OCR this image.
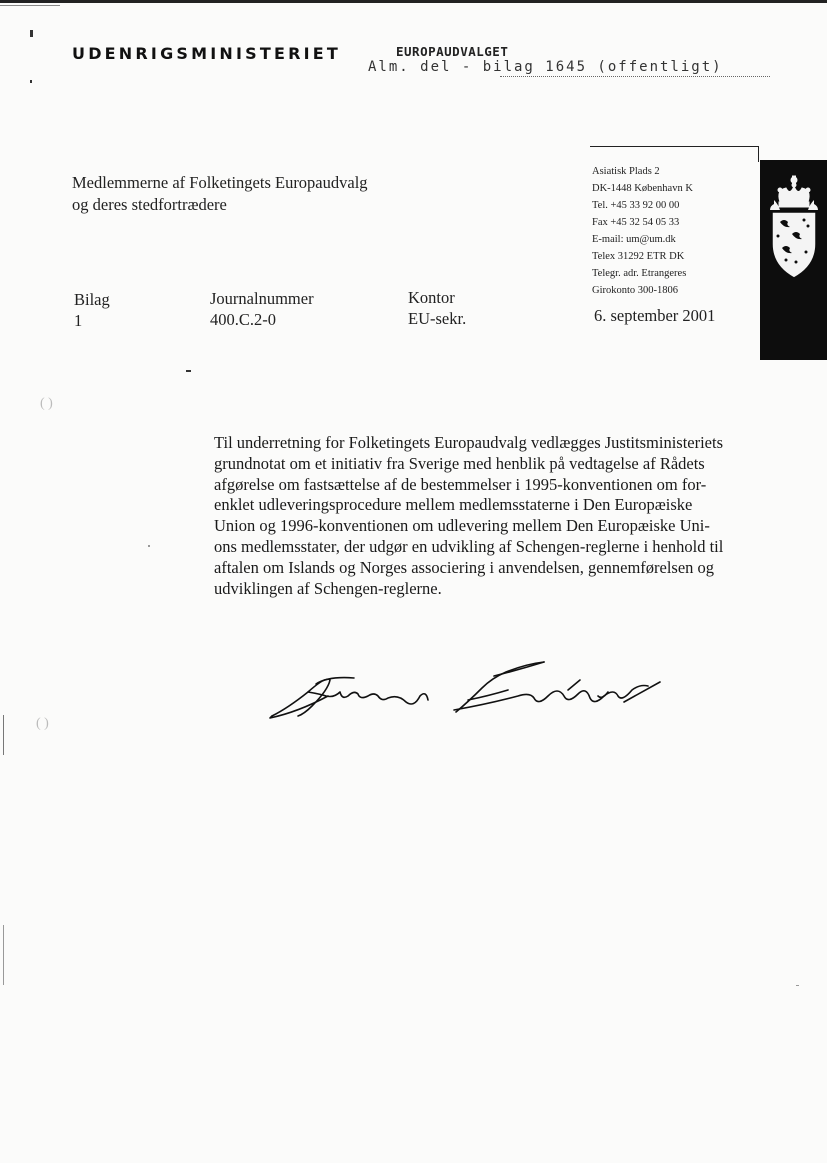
UDENRIGSMINISTERIET	EUROPAUDVALGET
Alm. del - bilag 1645 (offentligt)
Medlemmerne af Folketingets Europaudvalg
og deres stedfortrædere
Asiatisk Plads 2
DK-1448 København K
Tel. +45 33 92 00 00
Fax +45 32 54 05 33
E-mail: um@um.dk
Telex 31292 ETR DK
Telegr. adr. Etrangeres
Girokonto 300-1806
Bilag
1
Journalnummer
400.C.2-0
Kontor
EU-sekr.	6. september 2001
( )
( )
Til underretning for Folketingets Europaudvalg vedlægges Justitsministeriets
grundnotat om et initiativ fra Sverige med henblik på vedtagelse af Rådets
afgørelse om fastsættelse af de bestemmelser i 1995-konventionen om for-
enklet udleveringsprocedure mellem medlemsstaterne i Den Europæiske
Union og 1996-konventionen om udlevering mellem Den Europæiske Uni-
ons medlemsstater, der udgør en udvikling af Schengen-reglerne i henhold til
aftalen om Islands og Norges associering i anvendelsen, gennemførelsen og
udviklingen af Schengen-reglerne.
